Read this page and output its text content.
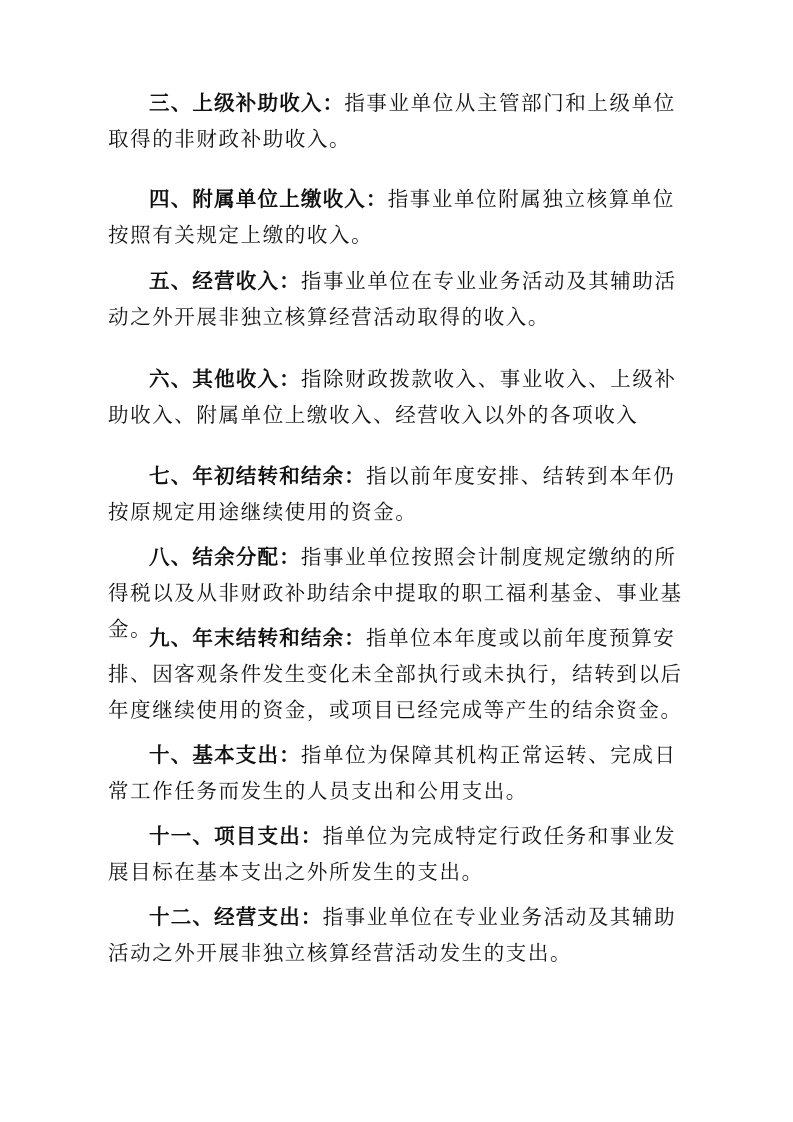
三、上级补助收入：指事业单位从主管部门和上级单位取得的非财政补助收入。

四、附属单位上缴收入：指事业单位附属独立核算单位按照有关规定上缴的收入。

五、经营收入：指事业单位在专业业务活动及其辅助活动之外开展非独立核算经营活动取得的收入。

六、其他收入：指除财政拨款收入、事业收入、上级补助收入、附属单位上缴收入、经营收入以外的各项收入

七、年初结转和结余：指以前年度安排、结转到本年仍按原规定用途继续使用的资金。

八、结余分配：指事业单位按照会计制度规定缴纳的所得税以及从非财政补助结余中提取的职工福利基金、事业基金。

九、年末结转和结余：指单位本年度或以前年度预算安排、因客观条件发生变化未全部执行或未执行，结转到以后年度继续使用的资金，或项目已经完成等产生的结余资金。

十、基本支出：指单位为保障其机构正常运转、完成日常工作任务而发生的人员支出和公用支出。

十一、项目支出：指单位为完成特定行政任务和事业发展目标在基本支出之外所发生的支出。

十二、经营支出：指事业单位在专业业务活动及其辅助活动之外开展非独立核算经营活动发生的支出。
